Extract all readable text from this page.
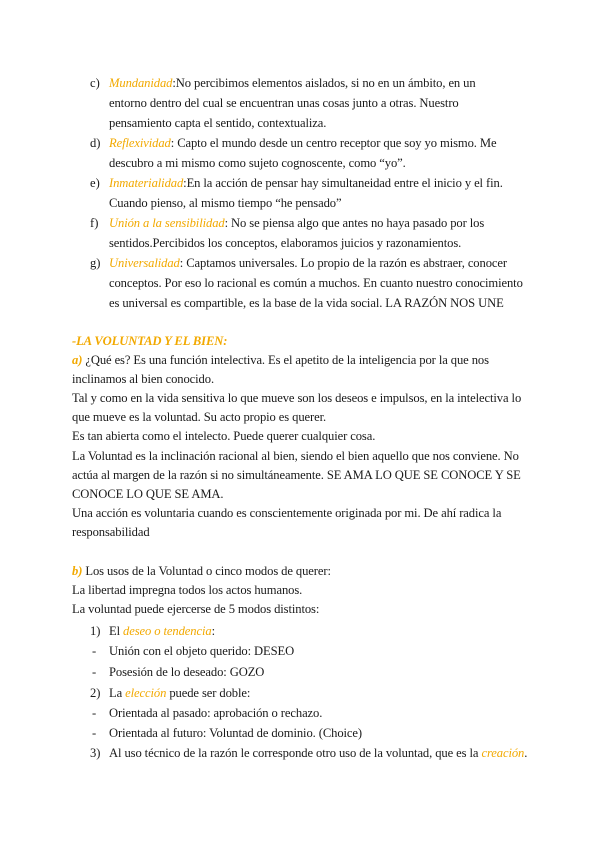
c) Mundanidad:No percibimos elementos aislados, si no en un ámbito, en un
entorno dentro del cual se encuentran unas cosas junto a otras. Nuestro
pensamiento capta el sentido, contextualiza.
d) Reflexividad: Capto el mundo desde un centro receptor que soy yo mismo. Me
descubro a mi mismo como sujeto cognoscente, como “yo”.
e) Inmaterialidad:En la acción de pensar hay simultaneidad entre el inicio y el fin.
Cuando pienso, al mismo tiempo “he pensado”
f) Unión a la sensibilidad: No se piensa algo que antes no haya pasado por los
sentidos.Percibidos los conceptos, elaboramos juicios y razonamientos.
g) Universalidad: Captamos universales. Lo propio de la razón es abstraer, conocer
conceptos. Por eso lo racional es común a muchos. En cuanto nuestro conocimiento
es universal es compartible, es la base de la vida social. LA RAZÓN NOS UNE
-LA VOLUNTAD Y EL BIEN:
a) ¿Qué es? Es una función intelectiva. Es el apetito de la inteligencia por la que nos
inclinamos al bien conocido.
Tal y como en la vida sensitiva lo que mueve son los deseos e impulsos, en la intelectiva lo
que mueve es la voluntad. Su acto propio es querer.
Es tan abierta como el intelecto. Puede querer cualquier cosa.
La Voluntad es la inclinación racional al bien, siendo el bien aquello que nos conviene. No
actúa al margen de la razón si no simultáneamente. SE AMA LO QUE SE CONOCE Y SE
CONOCE LO QUE SE AMA.
Una acción es voluntaria cuando es conscientemente originada por mi. De ahí radica la
responsabilidad
b) Los usos de la Voluntad o cinco modos de querer:
La libertad impregna todos los actos humanos.
La voluntad puede ejercerse de 5 modos distintos:
1) El deseo o tendencia:
- Unión con el objeto querido: DESEO
- Posesión de lo deseado: GOZO
2) La elección puede ser doble:
- Orientada al pasado: aprobación o rechazo.
- Orientada al futuro: Voluntad de dominio. (Choice)
3) Al uso técnico de la razón le corresponde otro uso de la voluntad, que es la creación.
